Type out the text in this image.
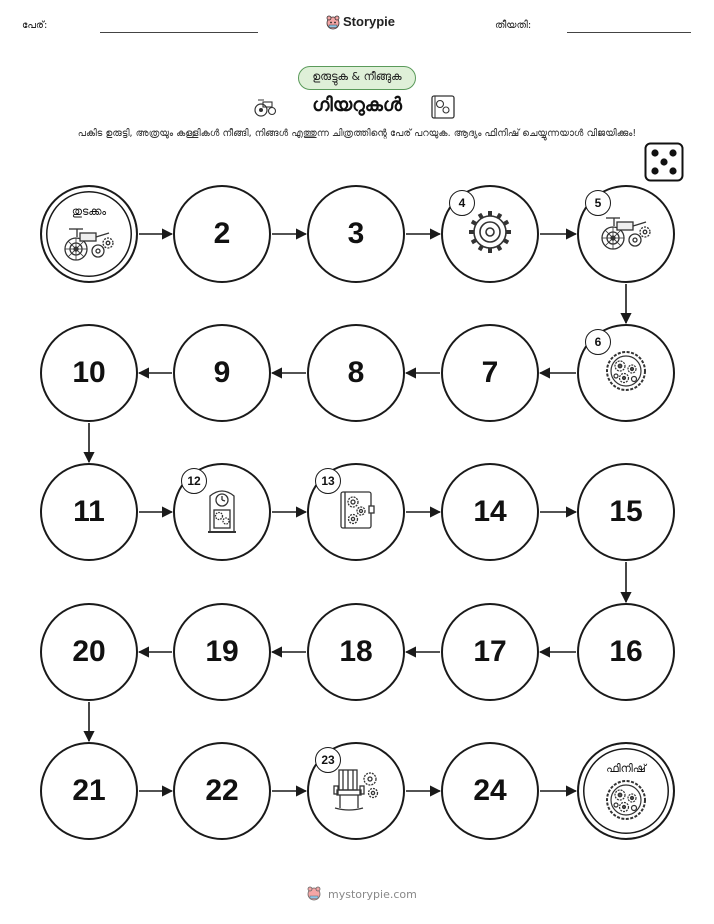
പേര്:	Storypie	തീയതി:
ഉരുട്ടുക & നീങ്ങുക
ഗിയറുകൾ
പകിട ഉരുട്ടി, അത്രയും കള്ളികൾ നീങ്ങി, നിങ്ങൾ എത്തുന്ന ചിത്രത്തിന്റെ പേര് പറയുക. ആദ്യം ഫിനിഷ് ചെയ്യുന്നയാൾ വിജയിക്കും!
തുടക്കം
2	3
4	5
6
7
8
9
10
11
12	13
14	15
16
17
18
19
20
21	22
23
24
ഫിനിഷ്
mystorypie.com
